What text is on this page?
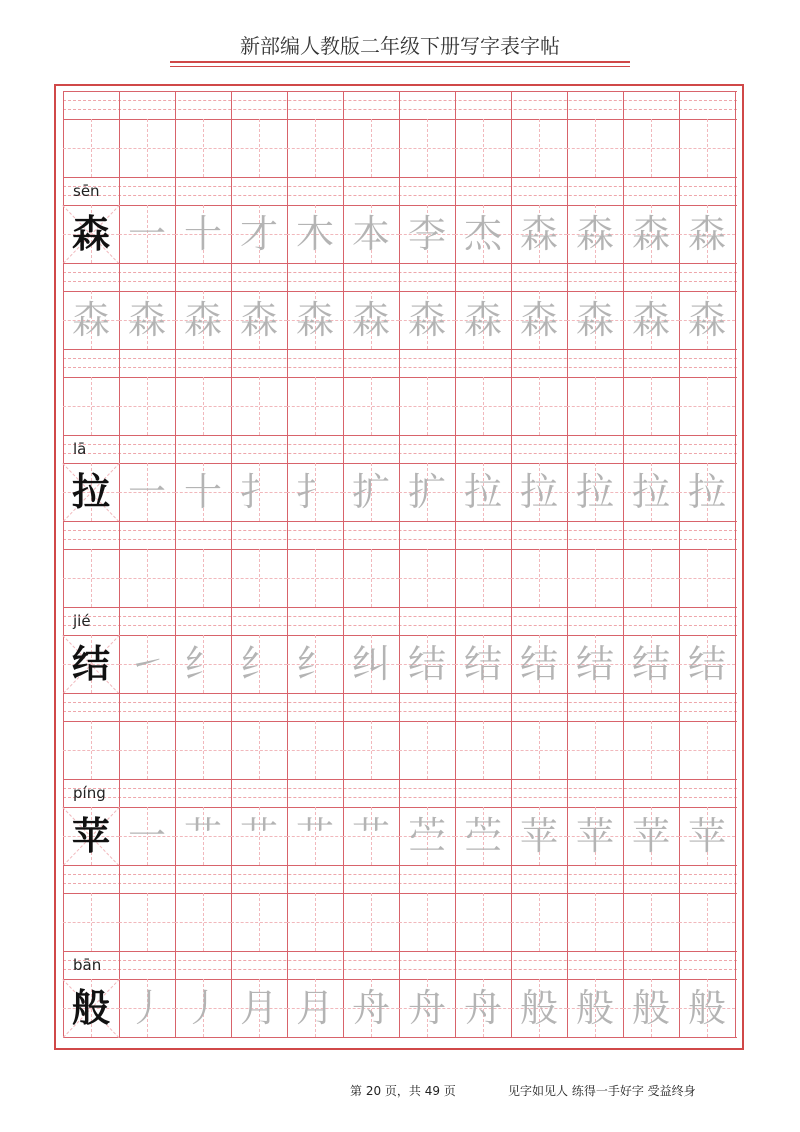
新部编人教版二年级下册写字表字帖
sēn
森 一 十 才 木 本 李 杰 森 森 森 森
森 森 森 森 森 森 森 森 森 森 森 森
lā
拉 一 十 扌 扌 扩 扩 拉 拉 拉 拉 拉
jié
结 ㇀ 纟 纟 纟 纠 结 结 结 结 结 结
píng
苹 一 艹 艹 艹 艹 苎 苎 苹 苹 苹 苹
bān
般 丿 丿 月 月 舟 舟 舟 般 般 般 般
第 20 页，共 49 页	见字如见人 练得一手好字 受益终身
